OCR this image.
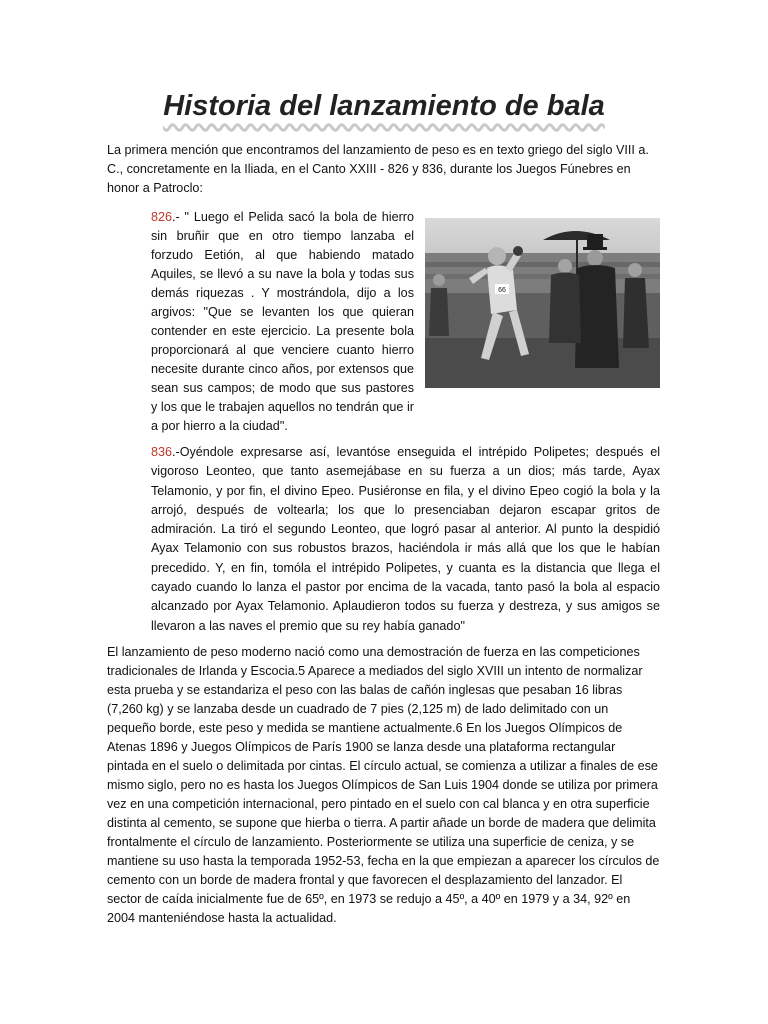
Historia del lanzamiento de bala

La primera mención que encontramos del lanzamiento de peso es en texto griego del siglo VIII a. C., concretamente en la Iliada, en el Canto XXIII - 826 y 836, durante los Juegos Fúnebres en honor a Patroclo:

826.- " Luego el Pelida sacó la bola de hierro sin bruñir que en otro tiempo lanzaba el forzudo Eetión, al que habiendo matado Aquiles, se llevó a su nave la bola y todas sus demás riquezas . Y mostrándola, dijo a los argivos: "Que se levanten los que quieran contender en este ejercicio. La presente bola proporcionará al que venciere cuanto hierro necesite durante cinco años, por extensos que sean sus campos; de modo que sus pastores y los que le trabajen aquellos no tendrán que ir a por hierro a la ciudad".

66

836.-Oyéndole expresarse así, levantóse enseguida el intrépido Polipetes; después el vigoroso Leonteo, que tanto asemejábase en su fuerza a un dios; más tarde, Ayax Telamonio, y por fin, el divino Epeo. Pusiéronse en fila, y el divino Epeo cogió la bola y la arrojó, después de voltearla; los que lo presenciaban dejaron escapar gritos de admiración. La tiró el segundo Leonteo, que logró pasar al anterior. Al punto la despidió Ayax Telamonio con sus robustos brazos, haciéndola ir más allá que los que le habían precedido. Y, en fin, tomóla el intrépido Polipetes, y cuanta es la distancia que llega el cayado cuando lo lanza el pastor por encima de la vacada, tanto pasó la bola al espacio alcanzado por Ayax Telamonio. Aplaudieron todos su fuerza y destreza, y sus amigos se llevaron a las naves el premio que su rey había ganado"

El lanzamiento de peso moderno nació como una demostración de fuerza en las competiciones tradicionales de Irlanda y Escocia.5 Aparece a mediados del siglo XVIII un intento de normalizar esta prueba y se estandariza el peso con las balas de cañón inglesas que pesaban 16 libras (7,260 kg) y se lanzaba desde un cuadrado de 7 pies (2,125 m) de lado delimitado con un pequeño borde, este peso y medida se mantiene actualmente.6 En los Juegos Olímpicos de Atenas 1896 y Juegos Olímpicos de París 1900 se lanza desde una plataforma rectangular pintada en el suelo o delimitada por cintas. El círculo actual, se comienza a utilizar a finales de ese mismo siglo, pero no es hasta los Juegos Olímpicos de San Luis 1904 donde se utiliza por primera vez en una competición internacional, pero pintado en el suelo con cal blanca y en otra superficie distinta al cemento, se supone que hierba o tierra. A partir añade un borde de madera que delimita frontalmente el círculo de lanzamiento. Posteriormente se utiliza una superficie de ceniza, y se mantiene su uso hasta la temporada 1952-53, fecha en la que empiezan a aparecer los círculos de cemento con un borde de madera frontal y que favorecen el desplazamiento del lanzador. El sector de caída inicialmente fue de 65º, en 1973 se redujo a 45º, a 40º en 1979 y a 34, 92º en 2004 manteniéndose hasta la actualidad.
